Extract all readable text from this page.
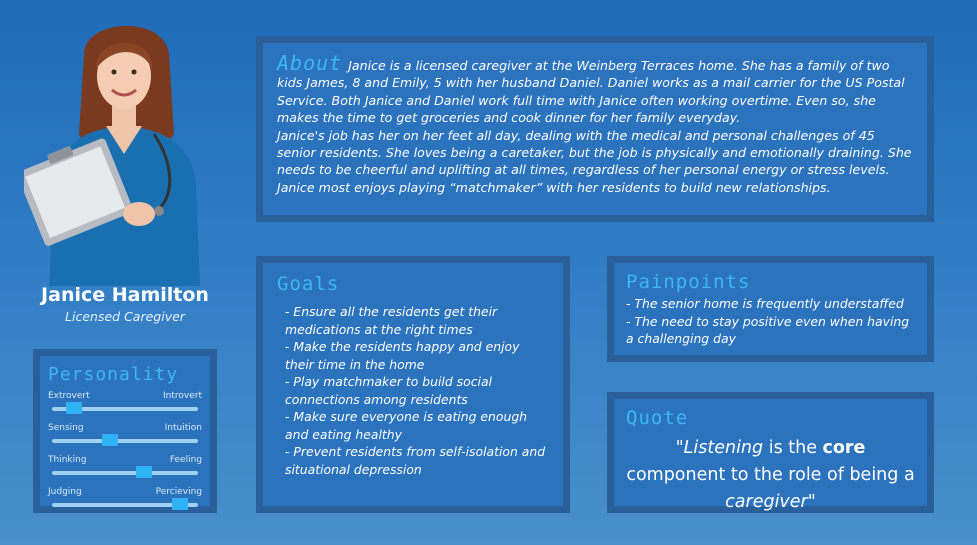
Janice Hamilton
Licensed Caregiver
About Janice is a licensed caregiver at the Weinberg Terraces home. She has a family of two kids James, 8 and Emily, 5 with her husband Daniel. Daniel works as a mail carrier for the US Postal Service. Both Janice and Daniel work full time with Janice often working overtime. Even so, she makes the time to get groceries and cook dinner for her family everyday.
Janice's job has her on her feet all day, dealing with the medical and personal challenges of 45 senior residents. She loves being a caretaker, but the job is physically and emotionally draining. She needs to be cheerful and uplifting at all times, regardless of her personal energy or stress levels. Janice most enjoys playing “matchmaker” with her residents to build new relationships.
Goals
- Ensure all the residents get their medications at the right times
- Make the residents happy and enjoy their time in the home
- Play matchmaker to build social connections among residents
- Make sure everyone is eating enough and eating healthy
- Prevent residents from self-isolation and situational depression
Painpoints
- The senior home is frequently understaffed
- The need to stay positive even when having a challenging day
Quote
"Listening is the core component to the role of being a caregiver"
Personality
Extrovert	Introvert
Sensing	Intuition
Thinking	Feeling
Judging	Percieving
